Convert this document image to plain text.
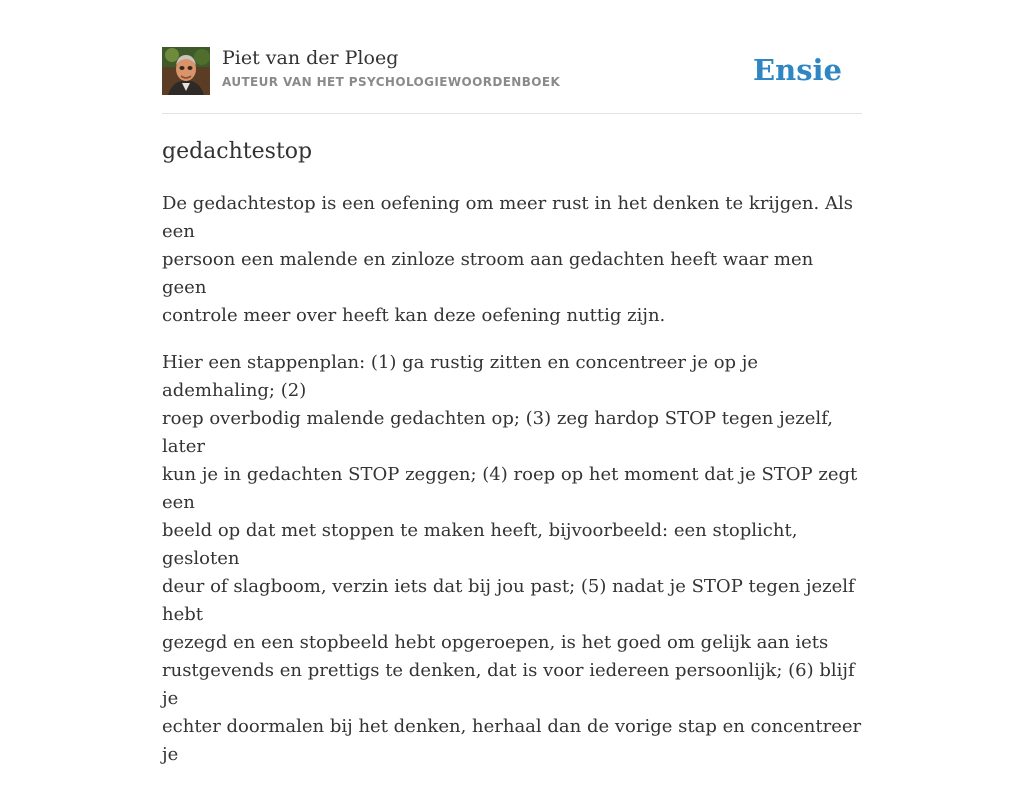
Piet van der Ploeg
AUTEUR VAN HET PSYCHOLOGIEWOORDENBOEK	Ensie
gedachtestop

De gedachtestop is een oefening om meer rust in het denken te krijgen. Als een
persoon een malende en zinloze stroom aan gedachten heeft waar men geen
controle meer over heeft kan deze oefening nuttig zijn.

Hier een stappenplan: (1) ga rustig zitten en concentreer je op je ademhaling; (2)
roep overbodig malende gedachten op; (3) zeg hardop STOP tegen jezelf, later
kun je in gedachten STOP zeggen; (4) roep op het moment dat je STOP zegt een
beeld op dat met stoppen te maken heeft, bijvoorbeeld: een stoplicht, gesloten
deur of slagboom, verzin iets dat bij jou past; (5) nadat je STOP tegen jezelf hebt
gezegd en een stopbeeld hebt opgeroepen, is het goed om gelijk aan iets
rustgevends en prettigs te denken, dat is voor iedereen persoonlijk; (6) blijf je
echter doormalen bij het denken, herhaal dan de vorige stap en concentreer je
